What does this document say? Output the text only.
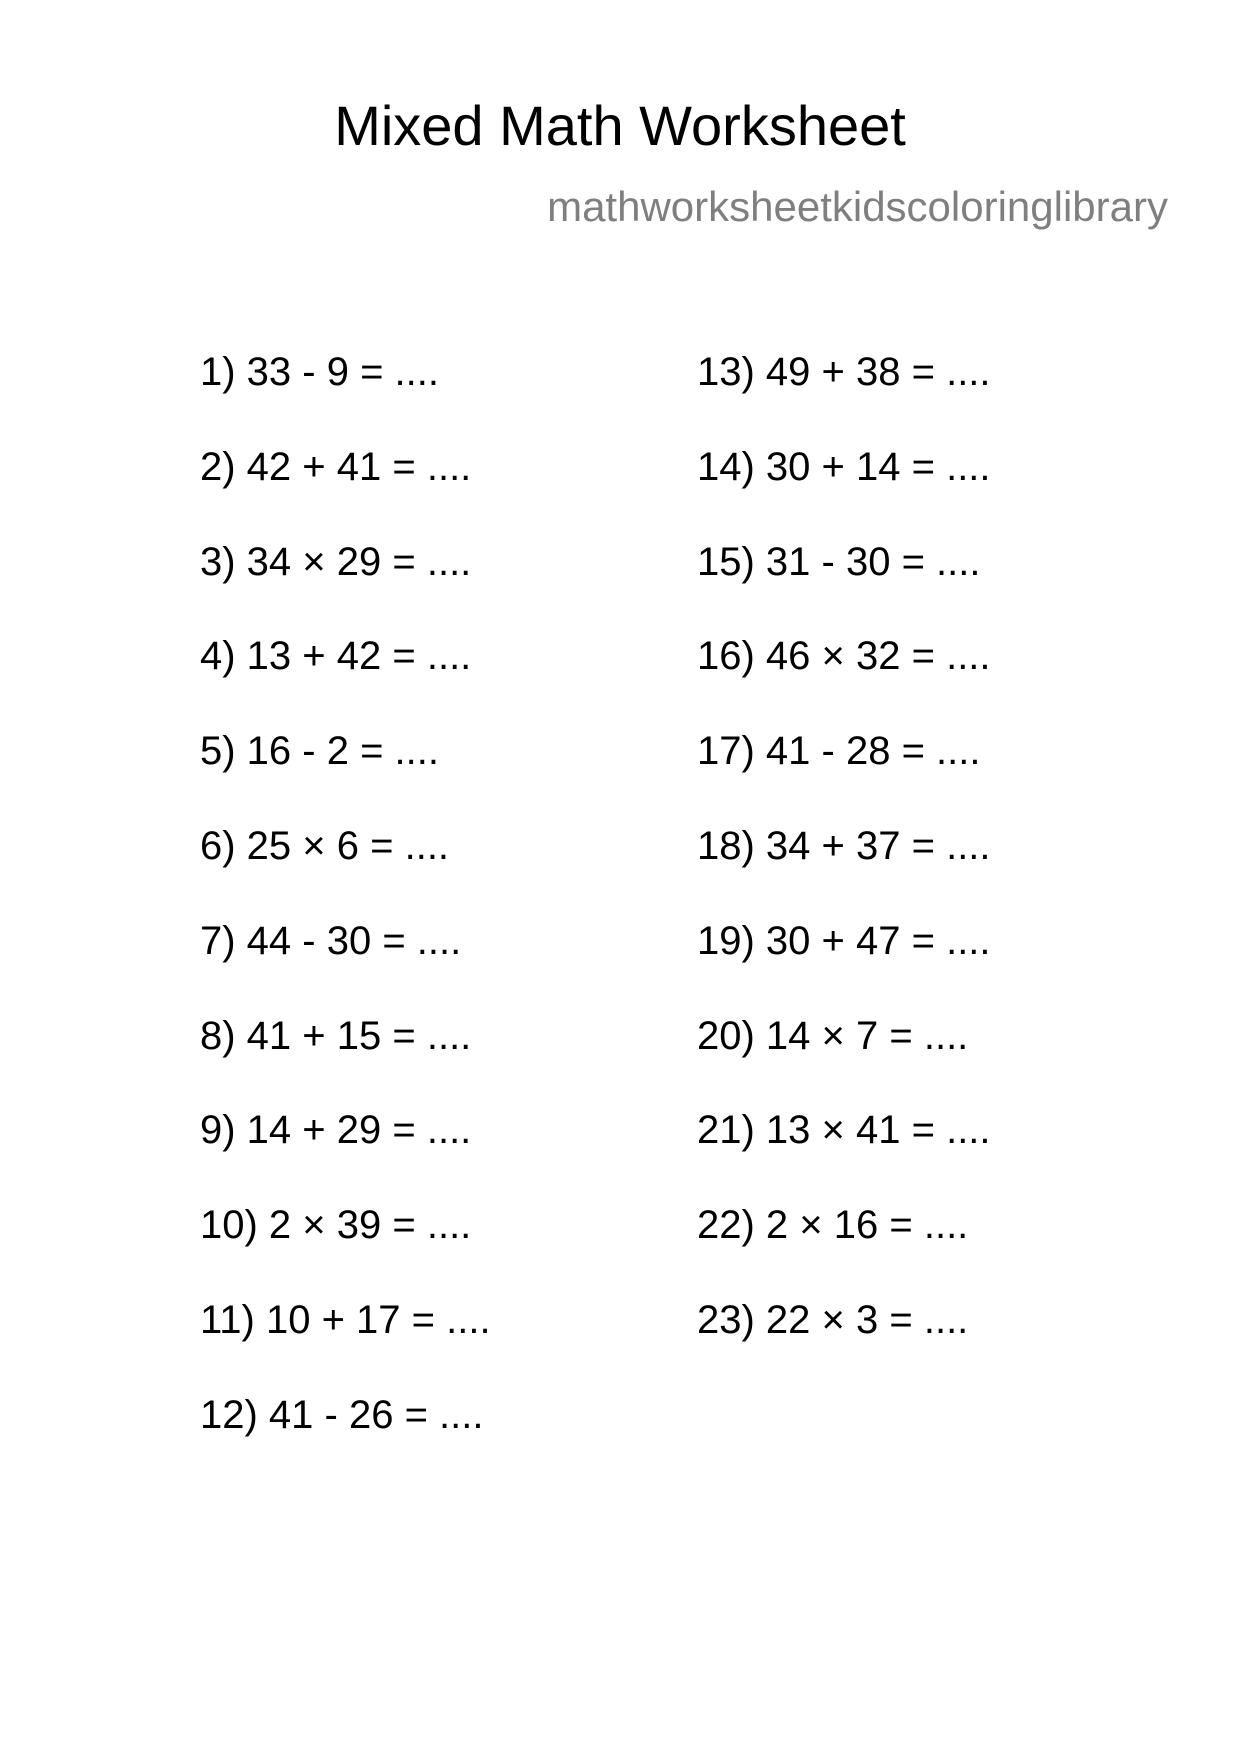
Mixed Math Worksheet
mathworksheetkidscoloringlibrary
1) 33 - 9 = ....
2) 42 + 41 = ....
3) 34 × 29 = ....
4) 13 + 42 = ....
5) 16 - 2 = ....
6) 25 × 6 = ....
7) 44 - 30 = ....
8) 41 + 15 = ....
9) 14 + 29 = ....
10) 2 × 39 = ....
11) 10 + 17 = ....
12) 41 - 26 = ....
13) 49 + 38 = ....
14) 30 + 14 = ....
15) 31 - 30 = ....
16) 46 × 32 = ....
17) 41 - 28 = ....
18) 34 + 37 = ....
19) 30 + 47 = ....
20) 14 × 7 = ....
21) 13 × 41 = ....
22) 2 × 16 = ....
23) 22 × 3 = ....
